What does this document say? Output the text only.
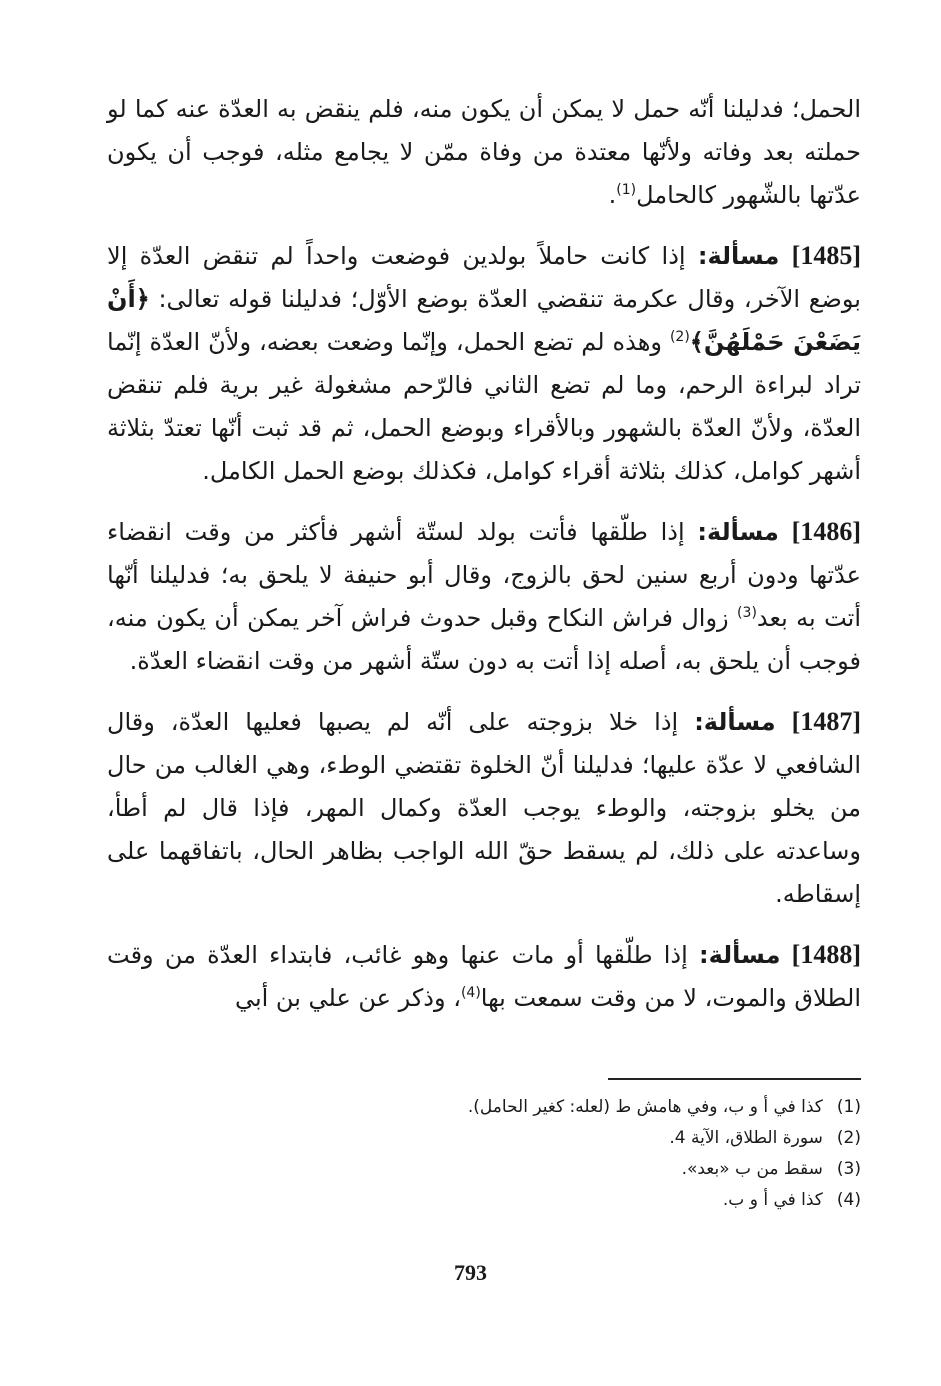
الحمل؛ فدليلنا أنّه حمل لا يمكن أن يكون منه، فلم ينقض به العدّة عنه كما لو حملته بعد وفاته ولأنّها معتدة من وفاة ممّن لا يجامع مثله، فوجب أن يكون عدّتها بالشّهور كالحامل$^{(1)}$.

[1485] مسألة: إذا كانت حاملاً بولدين فوضعت واحداً لم تنقض العدّة إلا بوضع الآخر، وقال عكرمة تنقضي العدّة بوضع الأوّل؛ فدليلنا قوله تعالى: ﴿أَنْ يَضَعْنَ حَمْلَهُنَّ﴾$^{(2)}$ وهذه لم تضع الحمل، وإنّما وضعت بعضه، ولأنّ العدّة إنّما تراد لبراءة الرحم، وما لم تضع الثاني فالرّحم مشغولة غير برية فلم تنقض العدّة، ولأنّ العدّة بالشهور وبالأقراء وبوضع الحمل، ثم قد ثبت أنّها تعتدّ بثلاثة أشهر كوامل، كذلك بثلاثة أقراء كوامل، فكذلك بوضع الحمل الكامل.

[1486] مسألة: إذا طلّقها فأتت بولد لستّة أشهر فأكثر من وقت انقضاء عدّتها ودون أربع سنين لحق بالزوج، وقال أبو حنيفة لا يلحق به؛ فدليلنا أنّها أتت به بعد$^{(3)}$ زوال فراش النكاح وقبل حدوث فراش آخر يمكن أن يكون منه، فوجب أن يلحق به، أصله إذا أتت به دون ستّة أشهر من وقت انقضاء العدّة.

[1487] مسألة: إذا خلا بزوجته على أنّه لم يصبها فعليها العدّة، وقال الشافعي لا عدّة عليها؛ فدليلنا أنّ الخلوة تقتضي الوطء، وهي الغالب من حال من يخلو بزوجته، والوطء يوجب العدّة وكمال المهر، فإذا قال لم أطأ، وساعدته على ذلك، لم يسقط حقّ الله الواجب بظاهر الحال، باتفاقهما على إسقاطه.

[1488] مسألة: إذا طلّقها أو مات عنها وهو غائب، فابتداء العدّة من وقت الطلاق والموت، لا من وقت سمعت بها$^{(4)}$، وذكر عن علي بن أبي

(1)كذا في أ و ب، وفي هامش ط (لعله: كغير الحامل).

(2)سورة الطلاق، الآية 4.

(3)سقط من ب «بعد».

(4)كذا في أ و ب.

793
